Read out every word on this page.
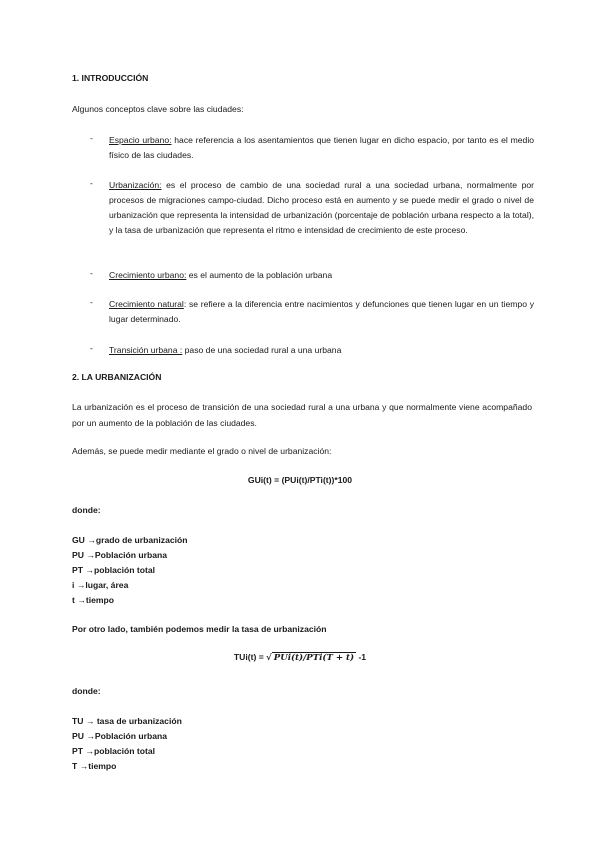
1. INTRODUCCIÓN
Algunos conceptos clave sobre las ciudades:
- Espacio urbano: hace referencia a los asentamientos que tienen lugar en dicho espacio, por tanto es el medio físico de las ciudades.
- Urbanización: es el proceso de cambio de una sociedad rural a una sociedad urbana, normalmente por procesos de migraciones campo-ciudad. Dicho proceso está en aumento y se puede medir el grado o nivel de urbanización que representa la intensidad de urbanización (porcentaje de población urbana respecto a la total), y la tasa de urbanización que representa el ritmo e intensidad de crecimiento de este proceso.
- Crecimiento urbano: es el aumento de la población urbana
- Crecimiento natural: se refiere a la diferencia entre nacimientos y defunciones que tienen lugar en un tiempo y lugar determinado.
- Transición urbana : paso de una sociedad rural a una urbana
2. LA URBANIZACIÓN
La urbanización es el proceso de transición de una sociedad rural a una urbana y que normalmente viene acompañado por un aumento de la población de las ciudades.
Además, se puede medir mediante el grado o nivel de urbanización:
GUi(t) = (PUi(t)/PTi(t))*100
donde:
GU →grado de urbanización
PU →Población urbana
PT →población total
i →lugar, área
t →tiempo
Por otro lado, también podemos medir la tasa de urbanización
TUi(t) = √ PUi(t)/PTi(T + t) -1
donde:
TU → tasa de urbanización
PU →Población urbana
PT →población total
T →tiempo
